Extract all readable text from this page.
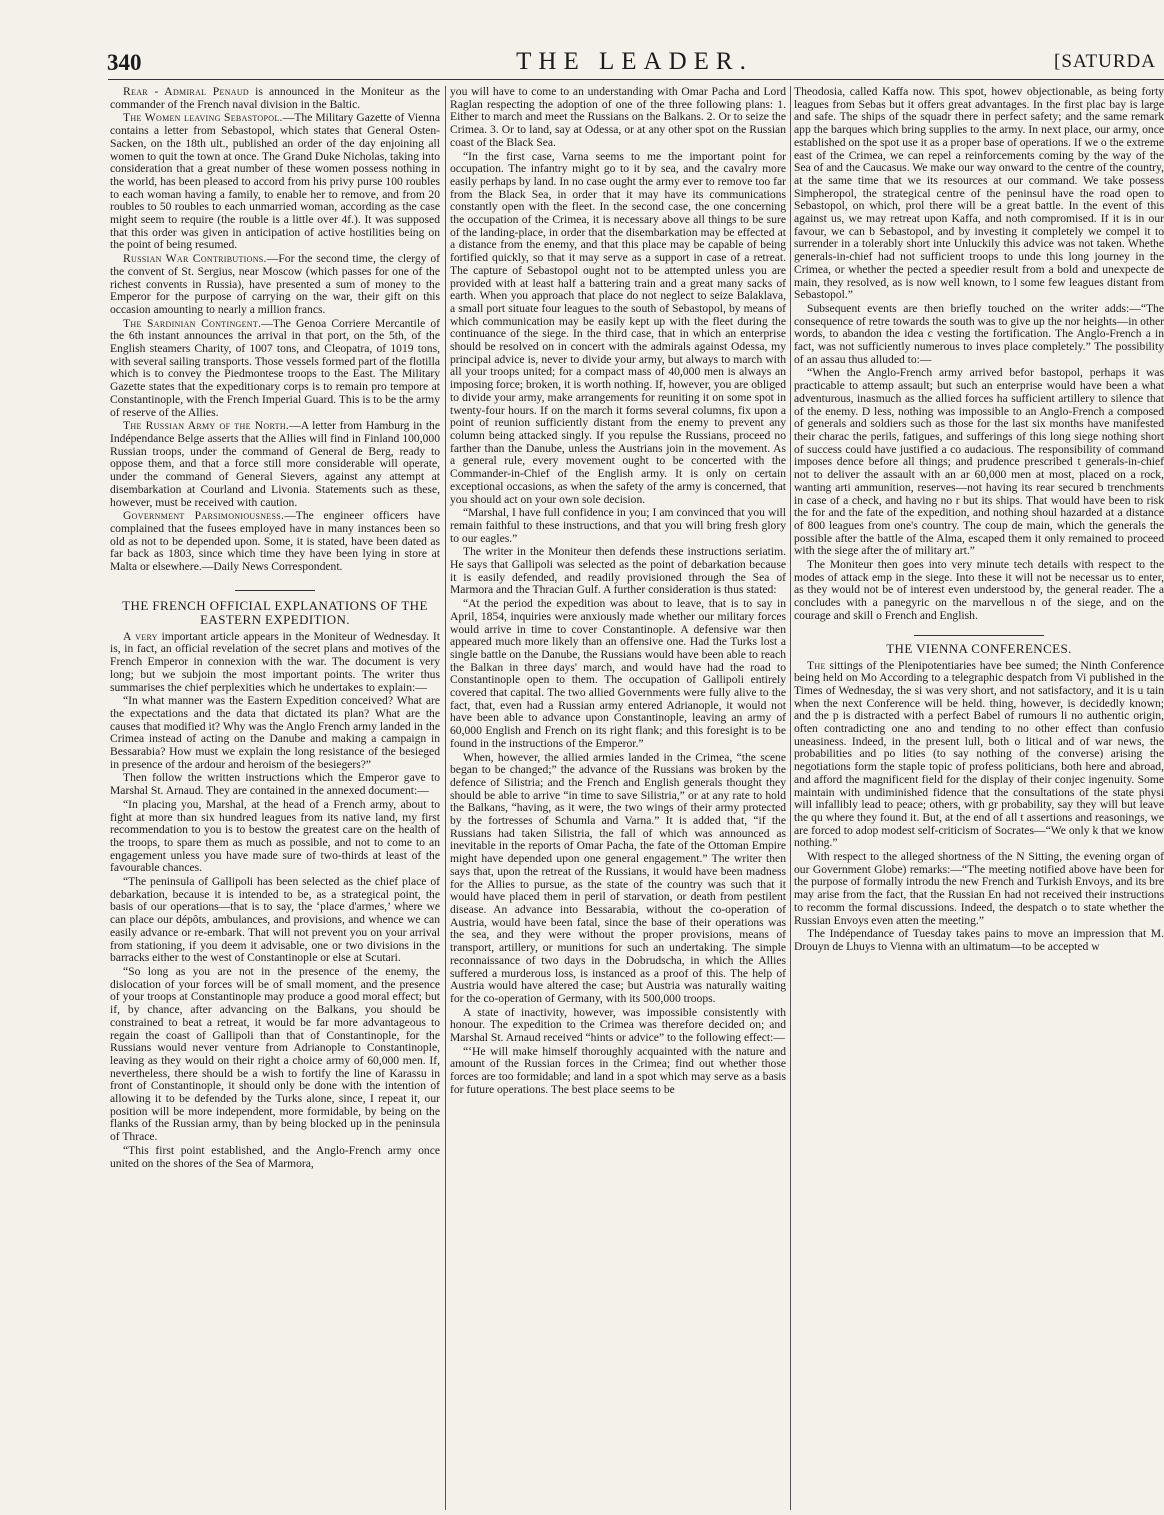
340	THE LEADER.	[SATURDA

Rear - Admiral Penaud is announced in the Moniteur as the commander of the French naval division in the Baltic.

The Women leaving Sebastopol.—The Military Gazette of Vienna contains a letter from Sebastopol, which states that General Osten-Sacken, on the 18th ult., published an order of the day enjoining all women to quit the town at once. The Grand Duke Nicholas, taking into consideration that a great number of these women possess nothing in the world, has been pleased to accord from his privy purse 100 roubles to each woman having a family, to enable her to remove, and from 20 roubles to 50 roubles to each unmarried woman, according as the case might seem to require (the rouble is a little over 4f.). It was supposed that this order was given in anticipation of active hostilities being on the point of being resumed.

Russian War Contributions.—For the second time, the clergy of the convent of St. Sergius, near Moscow (which passes for one of the richest convents in Russia), have presented a sum of money to the Emperor for the purpose of carrying on the war, their gift on this occasion amounting to nearly a million francs.

The Sardinian Contingent.—The Genoa Corriere Mercantile of the 6th instant announces the arrival in that port, on the 5th, of the English steamers Charity, of 1007 tons, and Cleopatra, of 1019 tons, with several sailing transports. Those vessels formed part of the flotilla which is to convey the Piedmontese troops to the East. The Military Gazette states that the expeditionary corps is to remain pro tempore at Constantinople, with the French Imperial Guard. This is to be the army of reserve of the Allies.

The Russian Army of the North.—A letter from Hamburg in the Indépendance Belge asserts that the Allies will find in Finland 100,000 Russian troops, under the command of General de Berg, ready to oppose them, and that a force still more considerable will operate, under the command of General Sievers, against any attempt at disembarkation at Courland and Livonia. Statements such as these, however, must be received with caution.

Government Parsimoniousness.—The engineer officers have complained that the fusees employed have in many instances been so old as not to be depended upon. Some, it is stated, have been dated as far back as 1803, since which time they have been lying in store at Malta or elsewhere.—Daily News Correspondent.

THE FRENCH OFFICIAL EXPLANATIONS OF THE EASTERN EXPEDITION.

A very important article appears in the Moniteur of Wednesday. It is, in fact, an official revelation of the secret plans and motives of the French Emperor in connexion with the war. The document is very long; but we subjoin the most important points. The writer thus summarises the chief perplexities which he undertakes to explain:—

“In what manner was the Eastern Expedition conceived? What are the expectations and the data that dictated its plan? What are the causes that modified it? Why was the Anglo French army landed in the Crimea instead of acting on the Danube and making a campaign in Bessarabia? How must we explain the long resistance of the besieged in presence of the ardour and heroism of the besiegers?”

Then follow the written instructions which the Emperor gave to Marshal St. Arnaud. They are contained in the annexed document:—

“In placing you, Marshal, at the head of a French army, about to fight at more than six hundred leagues from its native land, my first recommendation to you is to bestow the greatest care on the health of the troops, to spare them as much as possible, and not to come to an engagement unless you have made sure of two-thirds at least of the favourable chances.

“The peninsula of Gallipoli has been selected as the chief place of debarkation, because it is intended to be, as a strategical point, the basis of our operations—that is to say, the ‘place d'armes,’ where we can place our dépôts, ambulances, and provisions, and whence we can easily advance or re-embark. That will not prevent you on your arrival from stationing, if you deem it advisable, one or two divisions in the barracks either to the west of Constantinople or else at Scutari.

“So long as you are not in the presence of the enemy, the dislocation of your forces will be of small moment, and the presence of your troops at Constantinople may produce a good moral effect; but if, by chance, after advancing on the Balkans, you should be constrained to beat a retreat, it would be far more advantageous to regain the coast of Gallipoli than that of Constantinople, for the Russians would never venture from Adrianople to Constantinople, leaving as they would on their right a choice army of 60,000 men. If, nevertheless, there should be a wish to fortify the line of Karassu in front of Constantinople, it should only be done with the intention of allowing it to be defended by the Turks alone, since, I repeat it, our position will be more independent, more formidable, by being on the flanks of the Russian army, than by being blocked up in the peninsula of Thrace.

“This first point established, and the Anglo-French army once united on the shores of the Sea of Marmora,

you will have to come to an understanding with Omar Pacha and Lord Raglan respecting the adoption of one of the three following plans: 1. Either to march and meet the Russians on the Balkans. 2. Or to seize the Crimea. 3. Or to land, say at Odessa, or at any other spot on the Russian coast of the Black Sea.

“In the first case, Varna seems to me the important point for occupation. The infantry might go to it by sea, and the cavalry more easily perhaps by land. In no case ought the army ever to remove too far from the Black Sea, in order that it may have its communications constantly open with the fleet. In the second case, the one concerning the occupation of the Crimea, it is necessary above all things to be sure of the landing-place, in order that the disembarkation may be effected at a distance from the enemy, and that this place may be capable of being fortified quickly, so that it may serve as a support in case of a retreat. The capture of Sebastopol ought not to be attempted unless you are provided with at least half a battering train and a great many sacks of earth. When you approach that place do not neglect to seize Balaklava, a small port situate four leagues to the south of Sebastopol, by means of which communication may be easily kept up with the fleet during the continuance of the siege. In the third case, that in which an enterprise should be resolved on in concert with the admirals against Odessa, my principal advice is, never to divide your army, but always to march with all your troops united; for a compact mass of 40,000 men is always an imposing force; broken, it is worth nothing. If, however, you are obliged to divide your army, make arrangements for reuniting it on some spot in twenty-four hours. If on the march it forms several columns, fix upon a point of reunion sufficiently distant from the enemy to prevent any column being attacked singly. If you repulse the Russians, proceed no farther than the Danube, unless the Austrians join in the movement. As a general rule, every movement ought to be concerted with the Commander-in-Chief of the English army. It is only on certain exceptional occasions, as when the safety of the army is concerned, that you should act on your own sole decision.

“Marshal, I have full confidence in you; I am convinced that you will remain faithful to these instructions, and that you will bring fresh glory to our eagles.”

The writer in the Moniteur then defends these instructions seriatim. He says that Gallipoli was selected as the point of debarkation because it is easily defended, and readily provisioned through the Sea of Marmora and the Thracian Gulf. A further consideration is thus stated:

“At the period the expedition was about to leave, that is to say in April, 1854, inquiries were anxiously made whether our military forces would arrive in time to cover Constantinople. A defensive war then appeared much more likely than an offensive one. Had the Turks lost a single battle on the Danube, the Russians would have been able to reach the Balkan in three days' march, and would have had the road to Constantinople open to them. The occupation of Gallipoli entirely covered that capital. The two allied Governments were fully alive to the fact, that, even had a Russian army entered Adrianople, it would not have been able to advance upon Constantinople, leaving an army of 60,000 English and French on its right flank; and this foresight is to be found in the instructions of the Emperor.”

When, however, the allied armies landed in the Crimea, “the scene began to be changed;” the advance of the Russians was broken by the defence of Silistria; and the French and English generals thought they should be able to arrive “in time to save Silistria,” or at any rate to hold the Balkans, “having, as it were, the two wings of their army protected by the fortresses of Schumla and Varna.” It is added that, “if the Russians had taken Silistria, the fall of which was announced as inevitable in the reports of Omar Pacha, the fate of the Ottoman Empire might have depended upon one general engagement.” The writer then says that, upon the retreat of the Russians, it would have been madness for the Allies to pursue, as the state of the country was such that it would have placed them in peril of starvation, or death from pestilent disease. An advance into Bessarabia, without the co-operation of Austria, would have been fatal, since the base of their operations was the sea, and they were without the proper provisions, means of transport, artillery, or munitions for such an undertaking. The simple reconnaissance of two days in the Dobrudscha, in which the Allies suffered a murderous loss, is instanced as a proof of this. The help of Austria would have altered the case; but Austria was naturally waiting for the co-operation of Germany, with its 500,000 troops.

A state of inactivity, however, was impossible consistently with honour. The expedition to the Crimea was therefore decided on; and Marshal St. Arnaud received “hints or advice” to the following effect:—

“‘He will make himself thoroughly acquainted with the nature and amount of the Russian forces in the Crimea; find out whether those forces are too formidable; and land in a spot which may serve as a basis for future operations. The best place seems to be

Theodosia, called Kaffa now. This spot, howev objectionable, as being forty leagues from Sebas but it offers great advantages. In the first plac bay is large and safe. The ships of the squadr there in perfect safety; and the same remark app the barques which bring supplies to the army. In next place, our army, once established on the spot use it as a proper base of operations. If we o the extreme east of the Crimea, we can repel a reinforcements coming by the way of the Sea of and the Caucasus. We make our way onward to the centre of the country, at the same time that we its resources at our command. We take possess Simpheropol, the strategical centre of the peninsul have the road open to Sebastopol, on which, prol there will be a great battle. In the event of this against us, we may retreat upon Kaffa, and noth compromised. If it is in our favour, we can b Sebastopol, and by investing it completely we compel it to surrender in a tolerably short inte Unluckily this advice was not taken. Whethe generals-in-chief had not sufficient troops to unde this long journey in the Crimea, or whether the pected a speedier result from a bold and unexpecte de main, they resolved, as is now well known, to l some few leagues distant from Sebastopol.”

Subsequent events are then briefly touched on the writer adds:—“The consequence of retre towards the south was to give up the nor heights—in other words, to abandon the idea c vesting the fortification. The Anglo-French a in fact, was not sufficiently numerous to inves place completely.” The possibility of an assau thus alluded to:—

“When the Anglo-French army arrived befor bastopol, perhaps it was practicable to attemp assault; but such an enterprise would have been a what adventurous, inasmuch as the allied forces ha sufficient artillery to silence that of the enemy. D less, nothing was impossible to an Anglo-French a composed of generals and soldiers such as those for the last six months have manifested their charac the perils, fatigues, and sufferings of this long siege nothing short of success could have justified a co audacious. The responsibility of command imposes dence before all things; and prudence prescribed t generals-in-chief not to deliver the assault with an ar 60,000 men at most, placed on a rock, wanting arti ammunition, reserves—not having its rear secured b trenchments in case of a check, and having no r but its ships. That would have been to risk the for and the fate of the expedition, and nothing shoul hazarded at a distance of 800 leagues from one's country. The coup de main, which the generals the possible after the battle of the Alma, escaped them it only remained to proceed with the siege after the of military art.”

The Moniteur then goes into very minute tech details with respect to the modes of attack emp in the siege. Into these it will not be necessar us to enter, as they would not be of interest even understood by, the general reader. The a concludes with a panegyric on the marvellous n of the siege, and on the courage and skill o French and English.

THE VIENNA CONFERENCES.

The sittings of the Plenipotentiaries have bee sumed; the Ninth Conference being held on Mo According to a telegraphic despatch from Vi published in the Times of Wednesday, the si was very short, and not satisfactory, and it is u tain when the next Conference will be held. thing, however, is decidedly known; and the p is distracted with a perfect Babel of rumours li no authentic origin, often contradicting one ano and tending to no other effect than confusio uneasiness. Indeed, in the present lull, both o litical and of war news, the probabilities and po lities (to say nothing of the converse) arising the negotiations form the staple topic of profess politicians, both here and abroad, and afford the magnificent field for the display of their conjec ingenuity. Some maintain with undiminished fidence that the consultations of the state physi will infallibly lead to peace; others, with gr probability, say they will but leave the qu where they found it. But, at the end of all t assertions and reasonings, we are forced to adop modest self-criticism of Socrates—“We only k that we know nothing.”

With respect to the alleged shortness of the N Sitting, the evening organ of our Government Globe) remarks:—“The meeting notified above have been for the purpose of formally introdu the new French and Turkish Envoys, and its bre may arise from the fact, that the Russian En had not received their instructions to recomm the formal discussions. Indeed, the despatch o to state whether the Russian Envoys even atten the meeting.”

The Indépendance of Tuesday takes pains to move an impression that M. Drouyn de Lhuys to Vienna with an ultimatum—to be accepted w
